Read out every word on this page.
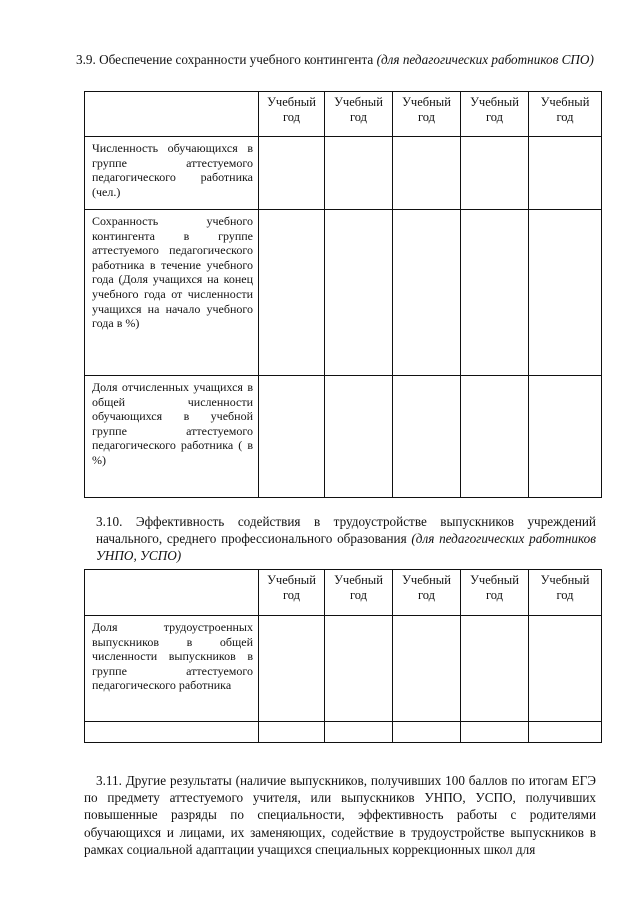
3.9. Обеспечение сохранности учебного контингента (для педагогических работников СПО)
	Учебный год	Учебный год	Учебный год	Учебный год	Учебный год
Численность обучающихся в группе аттестуемого педагогического работника (чел.)					
Сохранность учебного контингента в группе аттестуемого педагогического работника в течение учебного года (Доля учащихся на конец учебного года от численности учащихся на начало учебного года в %)					
Доля отчисленных учащихся в общей численности обучающихся в учебной группе аттестуемого педагогического работника ( в %)					
3.10. Эффективность содействия в трудоустройстве выпускников учреждений начального, среднего профессионального образования (для педагогических работников УНПО, УСПО)
	Учебный год	Учебный год	Учебный год	Учебный год	Учебный год
Доля трудоустроенных выпускников в общей численности выпускников в группе аттестуемого педагогического работника					

3.11. Другие результаты (наличие выпускников, получивших 100 баллов по итогам ЕГЭ по предмету аттестуемого учителя, или выпускников УНПО, УСПО, получивших повышенные разряды по специальности, эффективность работы с родителями обучающихся и лицами, их заменяющих, содействие в трудоустройстве выпускников в рамках социальной адаптации учащихся специальных коррекционных школ для
